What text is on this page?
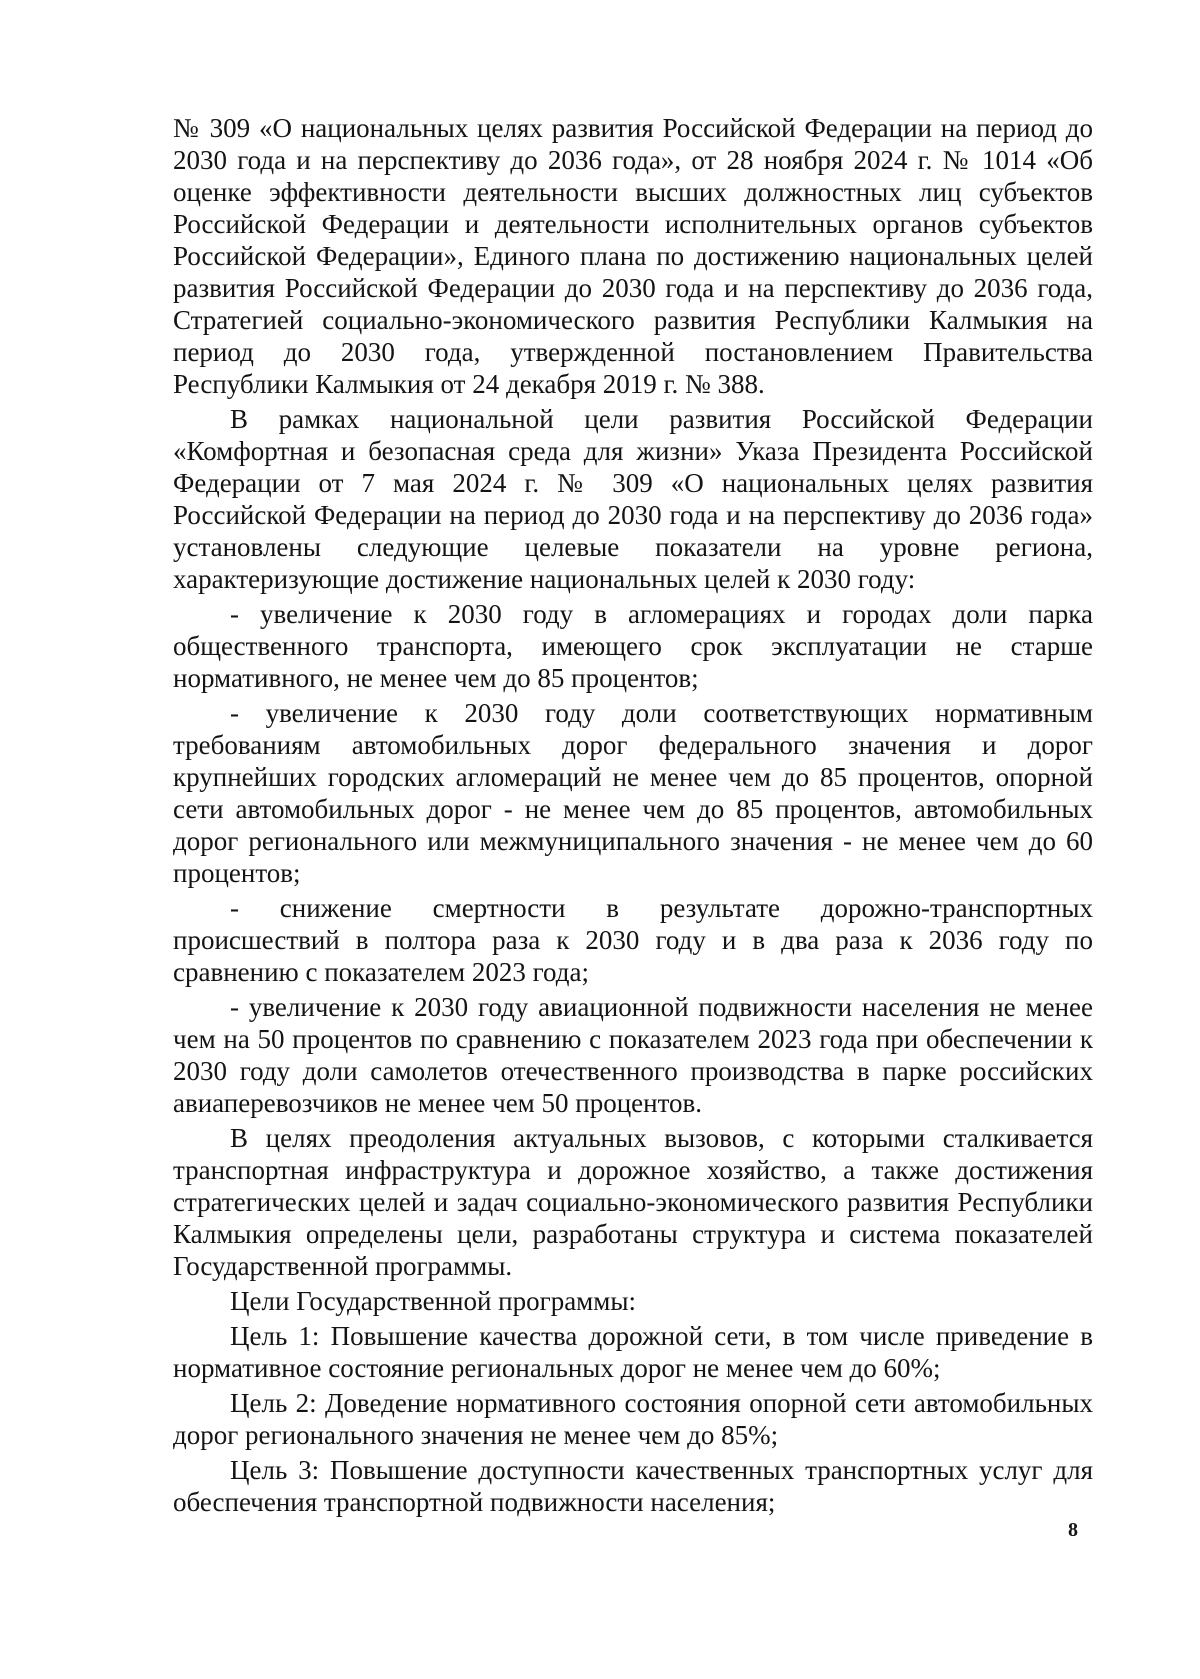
№ 309 «О национальных целях развития Российской Федерации на период до 2030 года и на перспективу до 2036 года», от 28 ноября 2024 г. № 1014 «Об оценке эффективности деятельности высших должностных лиц субъектов Российской Федерации и деятельности исполнительных органов субъектов Российской Федерации», Единого плана по достижению национальных целей развития Российской Федерации до 2030 года и на перспективу до 2036 года, Стратегией социально-экономического развития Республики Калмыкия на период до 2030 года, утвержденной постановлением Правительства Республики Калмыкия от 24 декабря 2019 г. № 388.

В рамках национальной цели развития Российской Федерации «Комфортная и безопасная среда для жизни» Указа Президента Российской Федерации от 7 мая 2024 г. № 309 «О национальных целях развития Российской Федерации на период до 2030 года и на перспективу до 2036 года» установлены следующие целевые показатели на уровне региона, характеризующие достижение национальных целей к 2030 году:

- увеличение к 2030 году в агломерациях и городах доли парка общественного транспорта, имеющего срок эксплуатации не старше нормативного, не менее чем до 85 процентов;

- увеличение к 2030 году доли соответствующих нормативным требованиям автомобильных дорог федерального значения и дорог крупнейших городских агломераций не менее чем до 85 процентов, опорной сети автомобильных дорог - не менее чем до 85 процентов, автомобильных дорог регионального или межмуниципального значения - не менее чем до 60 процентов;

- снижение смертности в результате дорожно-транспортных происшествий в полтора раза к 2030 году и в два раза к 2036 году по сравнению с показателем 2023 года;

- увеличение к 2030 году авиационной подвижности населения не менее чем на 50 процентов по сравнению с показателем 2023 года при обеспечении к 2030 году доли самолетов отечественного производства в парке российских авиаперевозчиков не менее чем 50 процентов.

В целях преодоления актуальных вызовов, с которыми сталкивается транспортная инфраструктура и дорожное хозяйство, а также достижения стратегических целей и задач социально-экономического развития Республики Калмыкия определены цели, разработаны структура и система показателей Государственной программы.

Цели Государственной программы:

Цель 1: Повышение качества дорожной сети, в том числе приведение в нормативное состояние региональных дорог не менее чем до 60%;

Цель 2: Доведение нормативного состояния опорной сети автомобильных дорог регионального значения не менее чем до 85%;

Цель 3: Повышение доступности качественных транспортных услуг для обеспечения транспортной подвижности населения;

8
